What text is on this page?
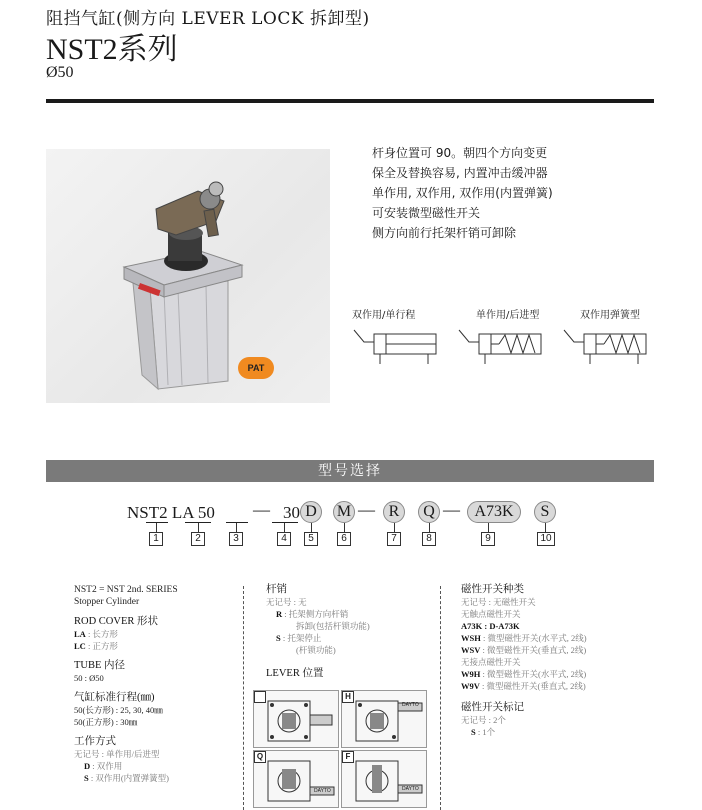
阻挡气缸(侧方向 LEVER LOCK 拆卸型)
NST2系列
Ø50
PAT
杆身位置可 90。朝四个方向变更
保全及替换容易, 内置冲击缓冲器
单作用, 双作用, 双作用(内置弹簧)
可安装微型磁性开关
侧方向前行托架杆销可卸除
双作用/单行程	单作用/后进型	双作用弹簧型
型号选择
NST2 LA 50 — 30 D	M — R	Q — A73K	S
1	2	3	4	5	6	7	8	9	10
NST2 = NST 2nd. SERIES
Stopper Cylinder
ROD COVER 形状
LA : 长方形
LC : 正方形
TUBE 内径
50 : Ø50
气缸标准行程(㎜)
50(长方形) : 25, 30, 40㎜
50(正方形) : 30㎜
工作方式
无记号 : 单作用/后进型
D : 双作用
S : 双作用(内置弹簧型)
杆销
无记号 : 无
R : 托架侧方向杆销
拆卸(包括杆锁功能)
S : 托架停止
(杆锁功能)
LEVER 位置
DAYTO
H
DAYTO
Q
DAYTO
F
磁性开关种类
无记号 : 无磁性开关
无触点磁性开关
A73K : D-A73K
WSH : 微型磁性开关(水平式, 2线)
WSV : 微型磁性开关(垂直式, 2线)
无接点磁性开关
W9H : 微型磁性开关(水平式, 2线)
W9V : 微型磁性开关(垂直式, 2线)
磁性开关标记
无记号 : 2个
S : 1个
